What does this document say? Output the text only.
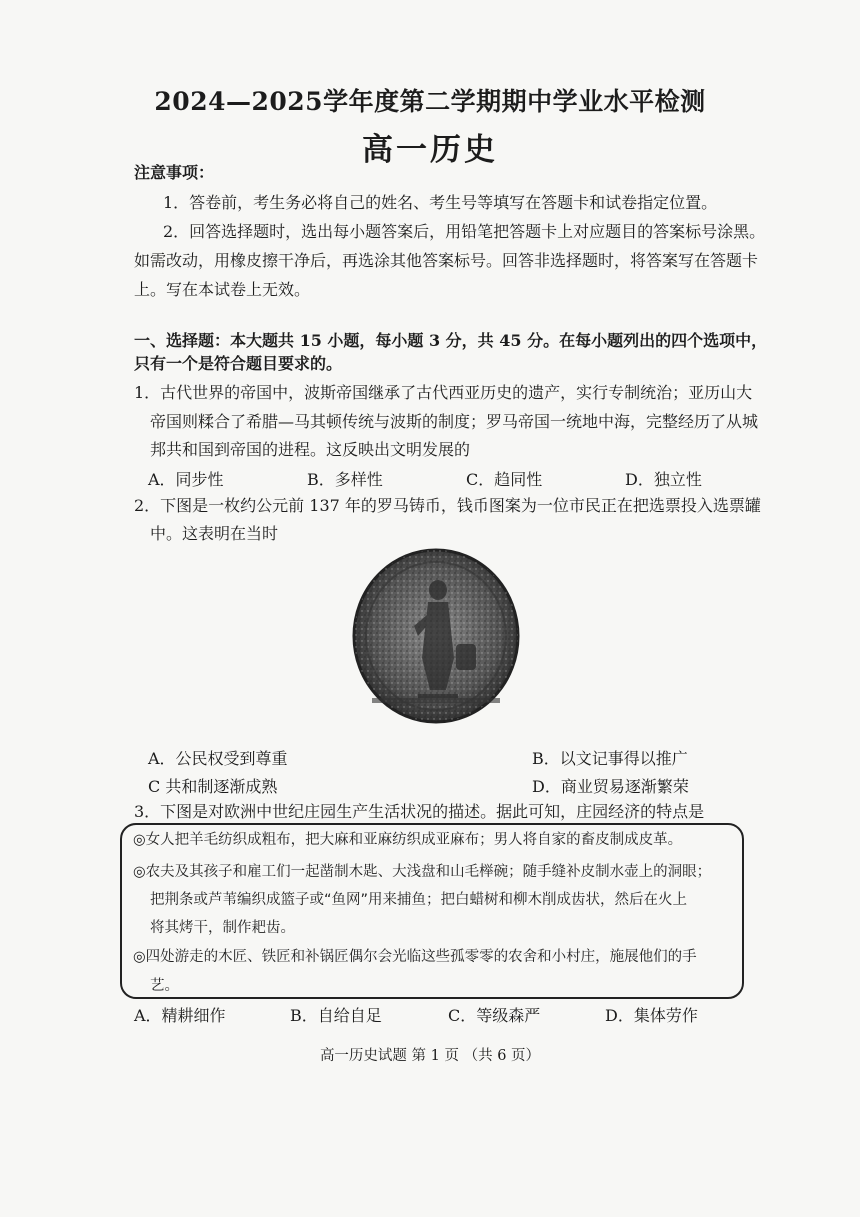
2024—2025学年度第二学期期中学业水平检测
高一历史
注意事项：
1．答卷前，考生务必将自己的姓名、考生号等填写在答题卡和试卷指定位置。
2．回答选择题时，选出每小题答案后，用铅笔把答题卡上对应题目的答案标号涂黑。
如需改动，用橡皮擦干净后，再选涂其他答案标号。回答非选择题时，将答案写在答题卡
上。写在本试卷上无效。
一、选择题：本大题共 15 小题，每小题 3 分，共 45 分。在每小题列出的四个选项中，
只有一个是符合题目要求的。
1．古代世界的帝国中，波斯帝国继承了古代西亚历史的遗产，实行专制统治；亚历山大
帝国则糅合了希腊—马其顿传统与波斯的制度；罗马帝国一统地中海，完整经历了从城
邦共和国到帝国的进程。这反映出文明发展的
A．同步性	B．多样性	C．趋同性	D．独立性
2．下图是一枚约公元前 137 年的罗马铸币，钱币图案为一位市民正在把选票投入选票罐
中。这表明在当时
A．公民权受到尊重	B．以文记事得以推广
C 共和制逐渐成熟	D．商业贸易逐渐繁荣
3．下图是对欧洲中世纪庄园生产生活状况的描述。据此可知，庄园经济的特点是
◎女人把羊毛纺织成粗布，把大麻和亚麻纺织成亚麻布；男人将自家的畜皮制成皮革。
◎农夫及其孩子和雇工们一起凿制木匙、大浅盘和山毛榉碗；随手缝补皮制水壶上的洞眼；
把荆条或芦苇编织成篮子或“鱼网”用来捕鱼；把白蜡树和柳木削成齿状，然后在火上
将其烤干，制作耙齿。
◎四处游走的木匠、铁匠和补锅匠偶尔会光临这些孤零零的农舍和小村庄，施展他们的手
艺。
A．精耕细作	B．自给自足	C．等级森严	D．集体劳作
高一历史试题 第 1 页 （共 6 页）
